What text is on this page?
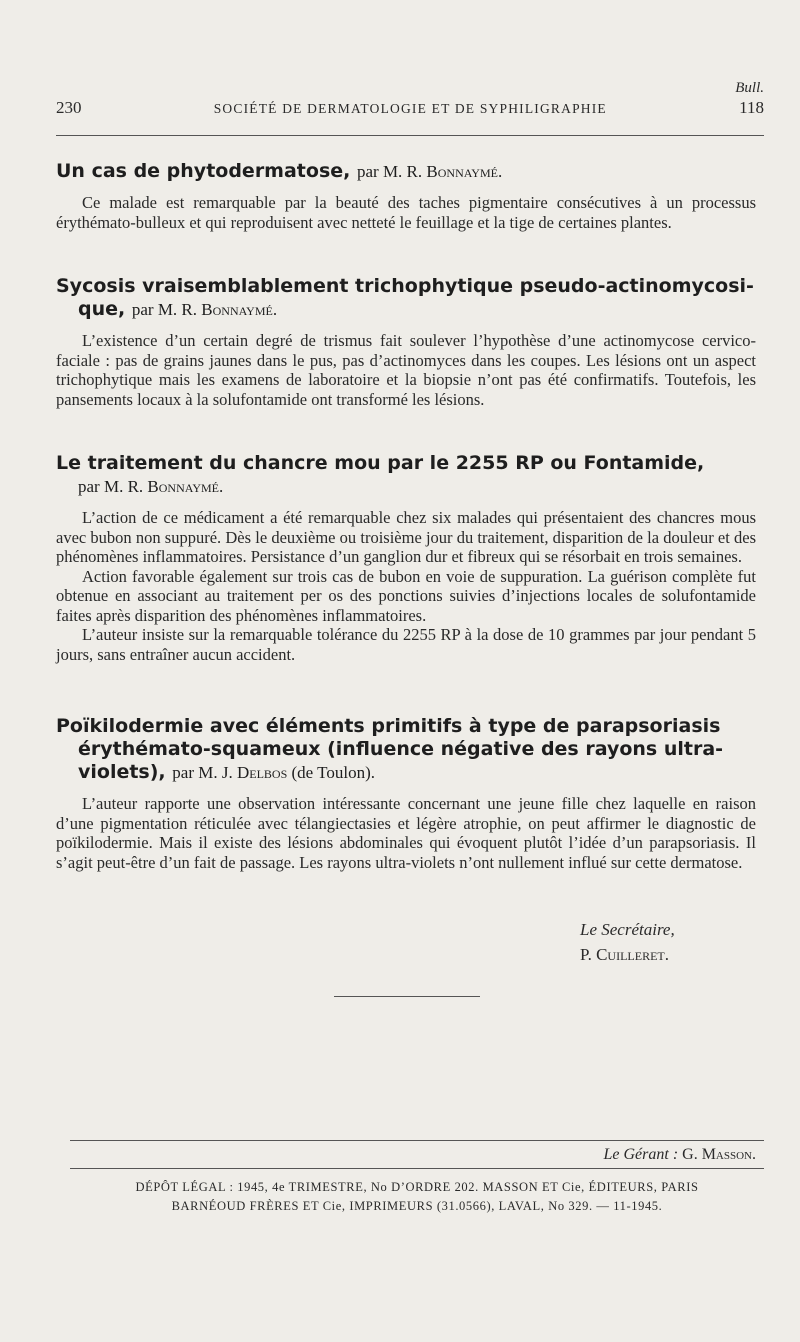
Bull.
230	SOCIÉTÉ DE DERMATOLOGIE ET DE SYPHILIGRAPHIE	118
Un cas de phytodermatose, par M. R. Bonnaymé.

Ce malade est remarquable par la beauté des taches pigmentaire consécutives à un processus érythémato-bulleux et qui reproduisent avec netteté le feuillage et la tige de certaines plantes.

Sycosis vraisemblablement trichophytique pseudo-actinomycosi-
que, par M. R. Bonnaymé.

L’existence d’un certain degré de trismus fait soulever l’hypothèse d’une actinomycose cervico-faciale : pas de grains jaunes dans le pus, pas d’actinomyces dans les coupes. Les lésions ont un aspect trichophytique mais les examens de laboratoire et la biopsie n’ont pas été confirmatifs. Toutefois, les pansements locaux à la solufontamide ont transformé les lésions.

Le traitement du chancre mou par le 2255 RP ou Fontamide,
par M. R. Bonnaymé.

L’action de ce médicament a été remarquable chez six malades qui présentaient des chancres mous avec bubon non suppuré. Dès le deuxième ou troisième jour du traitement, disparition de la douleur et des phénomènes inflammatoires. Persistance d’un ganglion dur et fibreux qui se résorbait en trois semaines.

Action favorable également sur trois cas de bubon en voie de suppuration. La guérison complète fut obtenue en associant au traitement per os des ponctions suivies d’injections locales de solufontamide faites après disparition des phénomènes inflammatoires.

L’auteur insiste sur la remarquable tolérance du 2255 RP à la dose de 10 grammes par jour pendant 5 jours, sans entraîner aucun accident.

Poïkilodermie avec éléments primitifs à type de parapsoriasis
érythémato-squameux (influence négative des rayons ultra-violets), par M. J. Delbos (de Toulon).

L’auteur rapporte une observation intéressante concernant une jeune fille chez laquelle en raison d’une pigmentation réticulée avec télangiectasies et légère atrophie, on peut affirmer le diagnostic de poïkilodermie. Mais il existe des lésions abdominales qui évoquent plutôt l’idée d’un parapsoriasis. Il s’agit peut-être d’un fait de passage. Les rayons ultra-violets n’ont nullement influé sur cette dermatose.

Le Secrétaire,
P. Cuilleret.
Le Gérant : G. Masson.
DÉPÔT LÉGAL : 1945, 4e TRIMESTRE, No D’ORDRE 202. MASSON ET Cie, ÉDITEURS, PARIS
BARNÉOUD FRÈRES ET Cie, IMPRIMEURS (31.0566), LAVAL, No 329. — 11-1945.
